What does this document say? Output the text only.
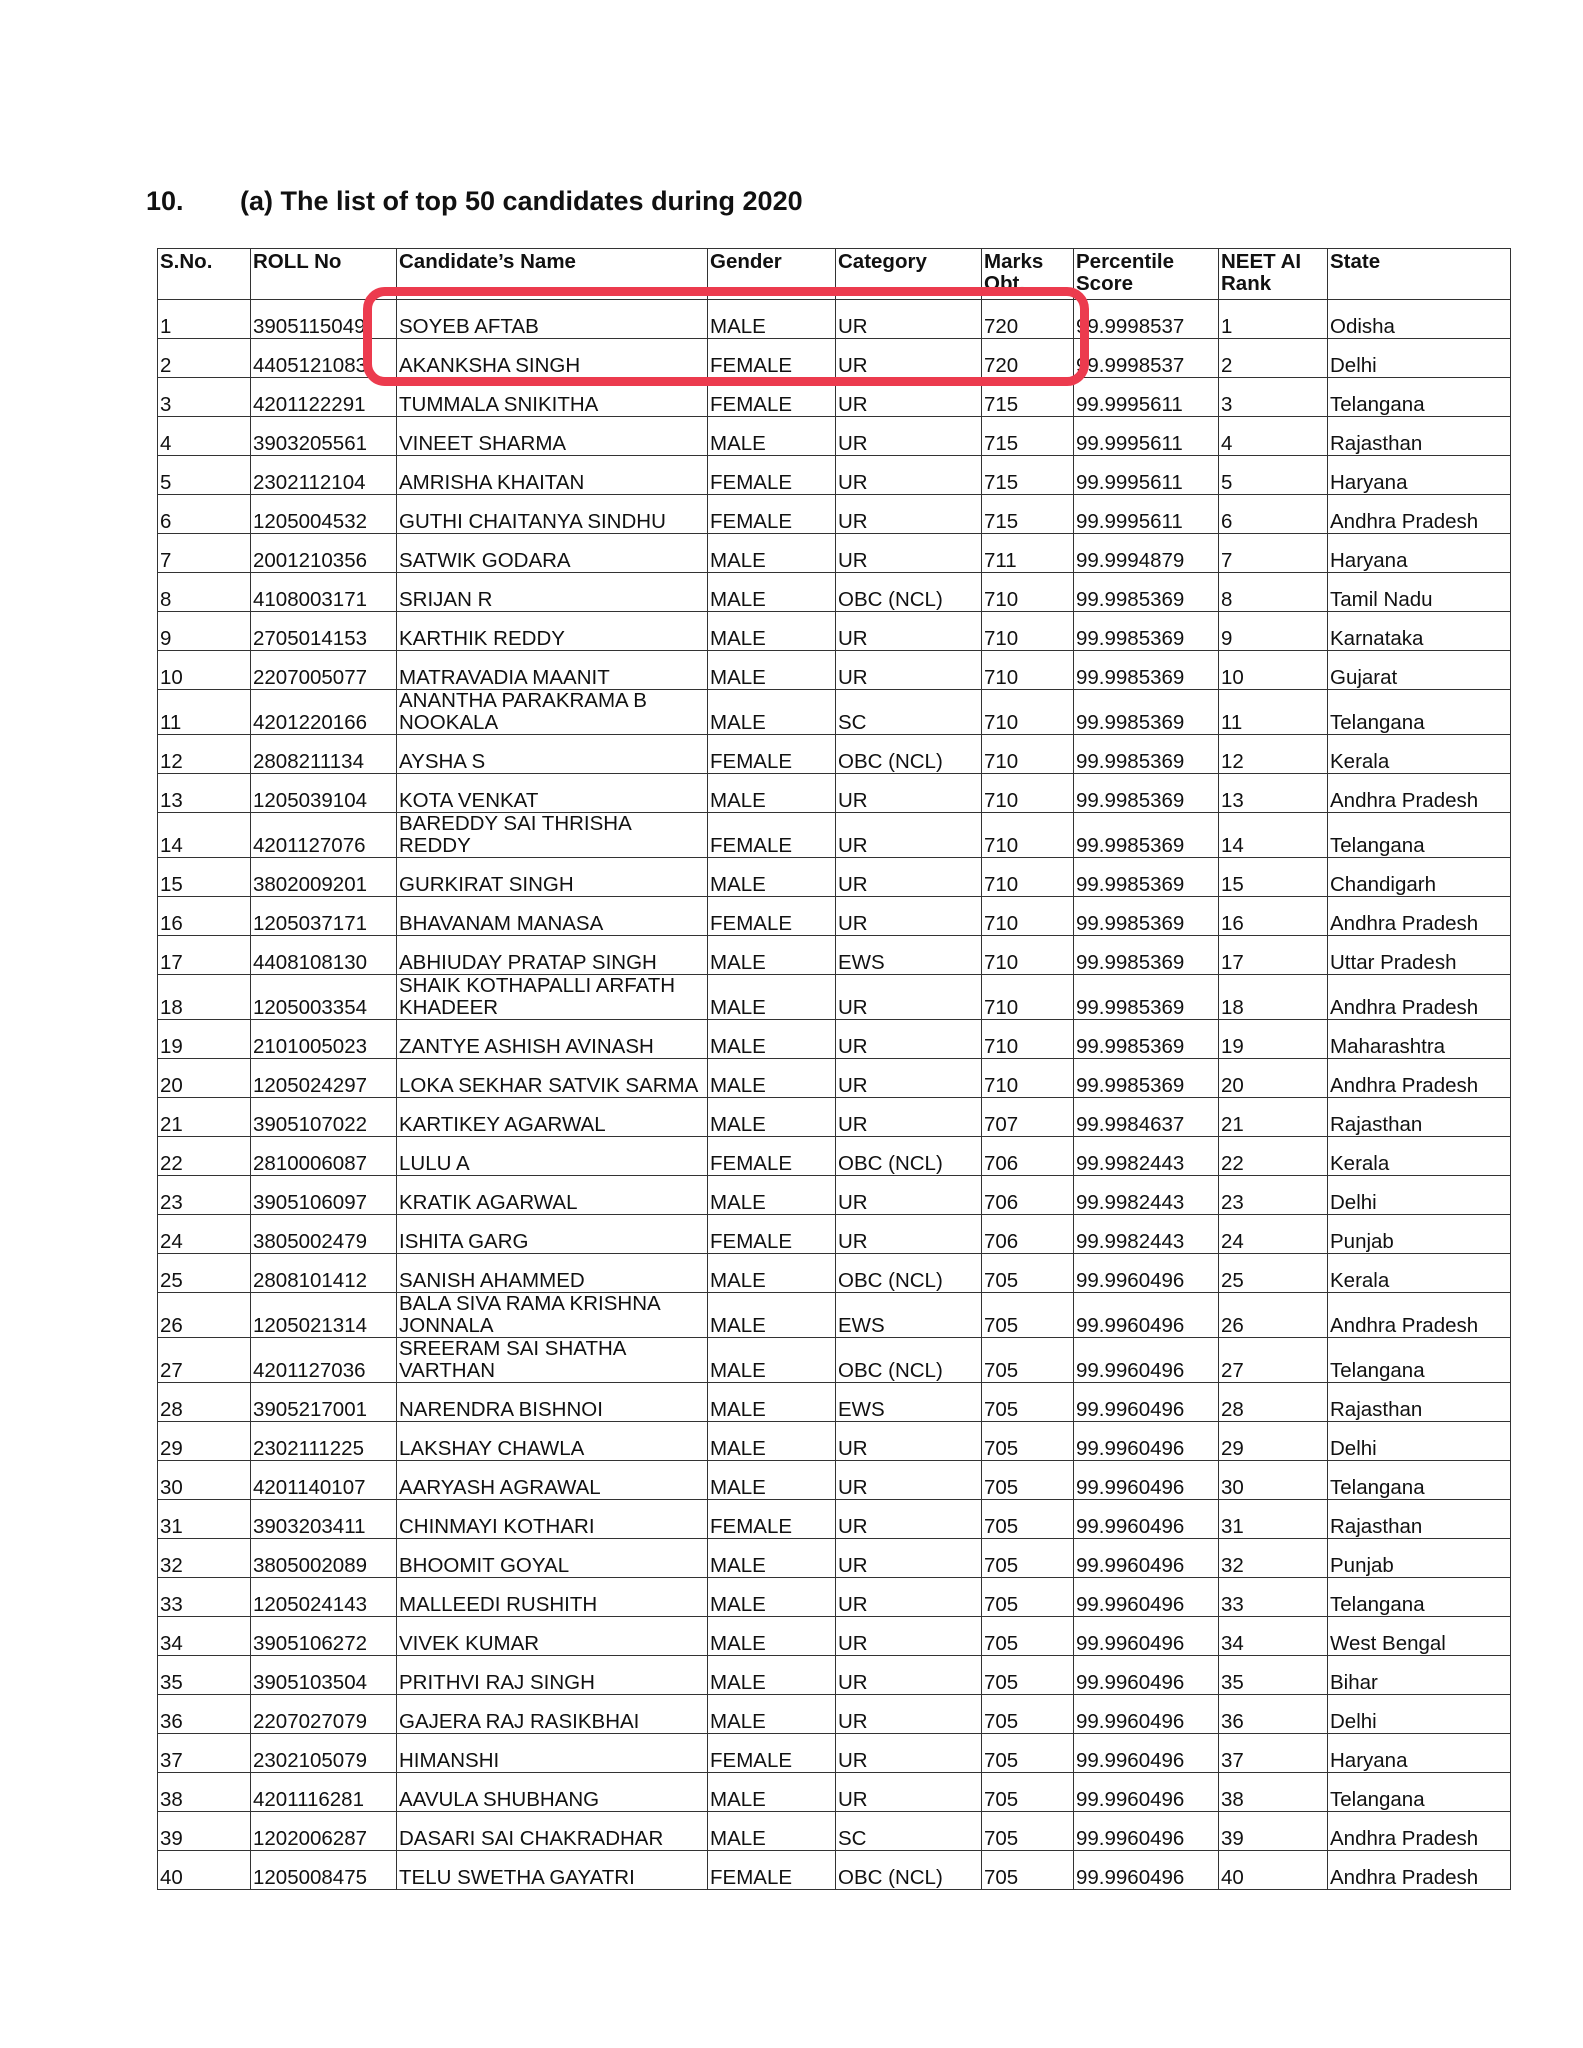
10. (a) The list of top 50 candidates during 2020
S.No.	ROLL No	Candidate’s Name	Gender	Category	Marks Obt.	Percentile Score	NEET AI Rank	State

1	3905115049	SOYEB AFTAB	MALE	UR	720	99.9998537	1	Odisha
2	4405121083	AKANKSHA SINGH	FEMALE	UR	720	99.9998537	2	Delhi
3	4201122291	TUMMALA SNIKITHA	FEMALE	UR	715	99.9995611	3	Telangana
4	3903205561	VINEET SHARMA	MALE	UR	715	99.9995611	4	Rajasthan
5	2302112104	AMRISHA KHAITAN	FEMALE	UR	715	99.9995611	5	Haryana
6	1205004532	GUTHI CHAITANYA SINDHU	FEMALE	UR	715	99.9995611	6	Andhra Pradesh
7	2001210356	SATWIK GODARA	MALE	UR	711	99.9994879	7	Haryana
8	4108003171	SRIJAN R	MALE	OBC (NCL)	710	99.9985369	8	Tamil Nadu
9	2705014153	KARTHIK REDDY	MALE	UR	710	99.9985369	9	Karnataka
10	2207005077	MATRAVADIA MAANIT	MALE	UR	710	99.9985369	10	Gujarat
11	4201220166	ANANTHA PARAKRAMA B NOOKALA	MALE	SC	710	99.9985369	11	Telangana
12	2808211134	AYSHA S	FEMALE	OBC (NCL)	710	99.9985369	12	Kerala
13	1205039104	KOTA VENKAT	MALE	UR	710	99.9985369	13	Andhra Pradesh
14	4201127076	BAREDDY SAI THRISHA REDDY	FEMALE	UR	710	99.9985369	14	Telangana
15	3802009201	GURKIRAT SINGH	MALE	UR	710	99.9985369	15	Chandigarh
16	1205037171	BHAVANAM MANASA	FEMALE	UR	710	99.9985369	16	Andhra Pradesh
17	4408108130	ABHIUDAY PRATAP SINGH	MALE	EWS	710	99.9985369	17	Uttar Pradesh
18	1205003354	SHAIK KOTHAPALLI ARFATH KHADEER	MALE	UR	710	99.9985369	18	Andhra Pradesh
19	2101005023	ZANTYE ASHISH AVINASH	MALE	UR	710	99.9985369	19	Maharashtra
20	1205024297	LOKA SEKHAR SATVIK SARMA	MALE	UR	710	99.9985369	20	Andhra Pradesh
21	3905107022	KARTIKEY AGARWAL	MALE	UR	707	99.9984637	21	Rajasthan
22	2810006087	LULU A	FEMALE	OBC (NCL)	706	99.9982443	22	Kerala
23	3905106097	KRATIK AGARWAL	MALE	UR	706	99.9982443	23	Delhi
24	3805002479	ISHITA GARG	FEMALE	UR	706	99.9982443	24	Punjab
25	2808101412	SANISH AHAMMED	MALE	OBC (NCL)	705	99.9960496	25	Kerala
26	1205021314	BALA SIVA RAMA KRISHNA JONNALA	MALE	EWS	705	99.9960496	26	Andhra Pradesh
27	4201127036	SREERAM SAI SHATHA VARTHAN	MALE	OBC (NCL)	705	99.9960496	27	Telangana
28	3905217001	NARENDRA BISHNOI	MALE	EWS	705	99.9960496	28	Rajasthan
29	2302111225	LAKSHAY CHAWLA	MALE	UR	705	99.9960496	29	Delhi
30	4201140107	AARYASH AGRAWAL	MALE	UR	705	99.9960496	30	Telangana
31	3903203411	CHINMAYI KOTHARI	FEMALE	UR	705	99.9960496	31	Rajasthan
32	3805002089	BHOOMIT GOYAL	MALE	UR	705	99.9960496	32	Punjab
33	1205024143	MALLEEDI RUSHITH	MALE	UR	705	99.9960496	33	Telangana
34	3905106272	VIVEK KUMAR	MALE	UR	705	99.9960496	34	West Bengal
35	3905103504	PRITHVI RAJ SINGH	MALE	UR	705	99.9960496	35	Bihar
36	2207027079	GAJERA RAJ RASIKBHAI	MALE	UR	705	99.9960496	36	Delhi
37	2302105079	HIMANSHI	FEMALE	UR	705	99.9960496	37	Haryana
38	4201116281	AAVULA SHUBHANG	MALE	UR	705	99.9960496	38	Telangana
39	1202006287	DASARI SAI CHAKRADHAR	MALE	SC	705	99.9960496	39	Andhra Pradesh
40	1205008475	TELU SWETHA GAYATRI	FEMALE	OBC (NCL)	705	99.9960496	40	Andhra Pradesh
